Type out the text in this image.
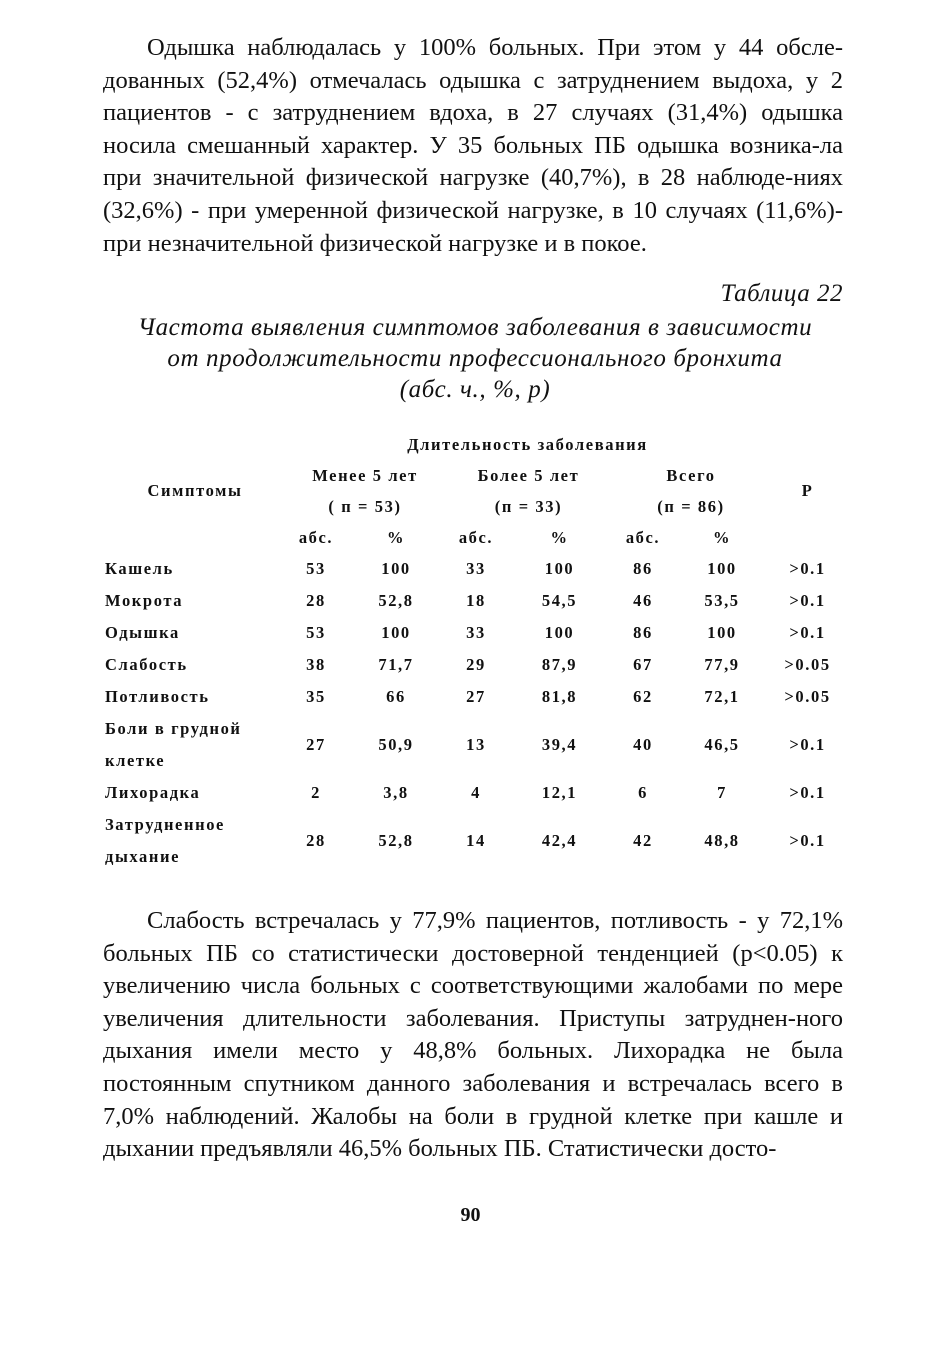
Одышка наблюдалась у 100% больных. При этом у 44 обсле-дованных (52,4%) отмечалась одышка с затруднением выдоха, у 2 пациентов - с затруднением вдоха, в 27 случаях (31,4%) одышка носила смешанный характер. У 35 больных ПБ одышка возника-ла при значительной физической нагрузке (40,7%), в 28 наблюде-ниях (32,6%) - при умеренной физической нагрузке, в 10 случаях (11,6%)- при незначительной физической нагрузке и в покое.

Таблица 22

Частота выявления симптомов заболевания в зависимости
от продолжительности профессионального бронхита
(абс. ч., %, р)

	Длительность заболевания						
Симптомы	Менее 5 лет		Более 5 лет		Всего		Р
	( п = 53)		(п = 33)		(п = 86)		
	абс.	%	абс.	%	абс.	%	
Кашель	53	100	33	100	86	100	>0.1
Мокрота	28	52,8	18	54,5	46	53,5	>0.1
Одышка	53	100	33	100	86	100	>0.1
Слабость	38	71,7	29	87,9	67	77,9	>0.05
Потливость	35	66	27	81,8	62	72,1	>0.05
Боли в грудной
клетке	27	50,9	13	39,4	40	46,5	>0.1
Лихорадка	2	3,8	4	12,1	6	7	>0.1
Затрудненное
дыхание	28	52,8	14	42,4	42	48,8	>0.1

Слабость встречалась у 77,9% пациентов, потливость - у 72,1% больных ПБ со статистически достоверной тенденцией (р<0.05) к увеличению числа больных с соответствующими жалобами по мере увеличения длительности заболевания. Приступы затруднен-ного дыхания имели место у 48,8% больных. Лихорадка не была постоянным спутником данного заболевания и встречалась всего в 7,0% наблюдений. Жалобы на боли в грудной клетке при кашле и дыхании предъявляли 46,5% больных ПБ. Статистически досто-

90
